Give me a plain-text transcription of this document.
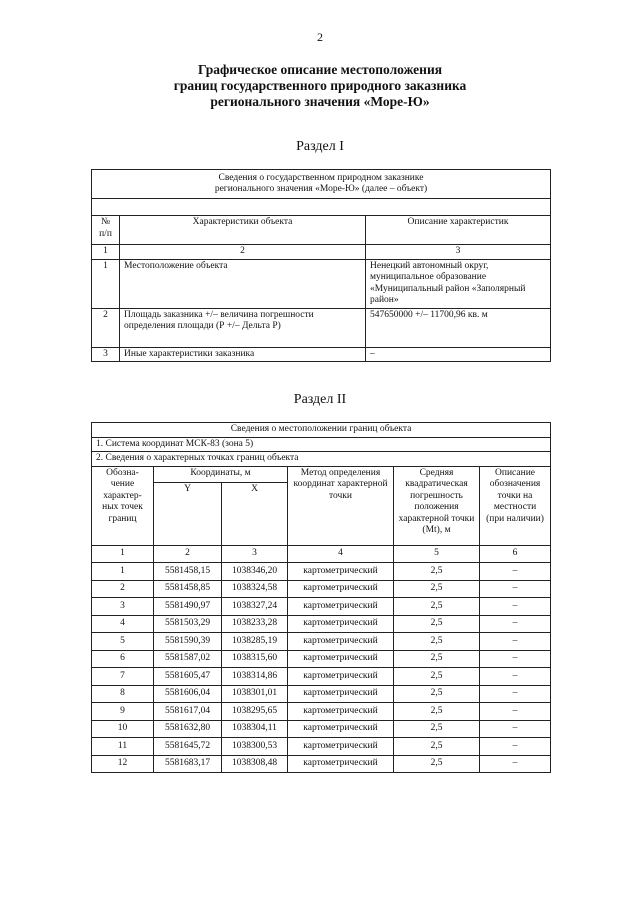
2
Графическое описание местоположения
границ государственного природного заказника
регионального значения «Море-Ю»
Раздел I
Сведения о государственном природном заказнике
регионального значения «Море-Ю» (далее – объект)		

№ п/п	Характеристики объекта	Описание характеристик
1	2	3
1	Местоположение объекта	Ненецкий автономный округ, муниципальное образование «Муниципальный район «Заполярный район»
2	Площадь заказника +/– величина погрешности определения площади (Р +/– Дельта Р)	547650000 +/– 11700,96 кв. м
3	Иные характеристики заказника	–
Раздел II
Сведения о местоположении границ объекта					
1. Система координат МСК-83 (зона 5)					
2. Сведения о характерных точках границ объекта					
Обозна-чение характер-ных точек границ	Координаты, м		Метод определения координат характерной точки	Средняя квадратическая погрешность положения характерной точки (Mt), м	Описание обозначения точки на местности (при наличии)
	Y	X			
1	2	3	4	5	6
1	5581458,15	1038346,20	картометрический	2,5	–
2	5581458,85	1038324,58	картометрический	2,5	–
3	5581490,97	1038327,24	картометрический	2,5	–
4	5581503,29	1038233,28	картометрический	2,5	–
5	5581590,39	1038285,19	картометрический	2,5	–
6	5581587,02	1038315,60	картометрический	2,5	–
7	5581605,47	1038314,86	картометрический	2,5	–
8	5581606,04	1038301,01	картометрический	2,5	–
9	5581617,04	1038295,65	картометрический	2,5	–
10	5581632,80	1038304,11	картометрический	2,5	–
11	5581645,72	1038300,53	картометрический	2,5	–
12	5581683,17	1038308,48	картометрический	2,5	–
